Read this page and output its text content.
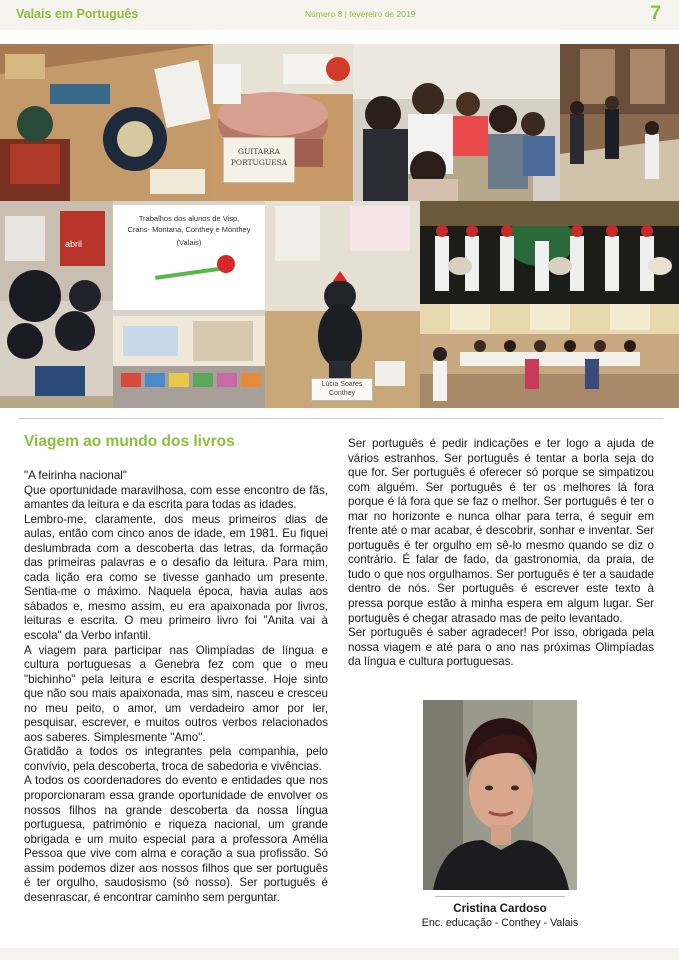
Valais em Português	Número 8 | fevereiro de 2019	7
GUITARRA PORTUGUESA
abril
Trabalhos dos alunos de Visp, Crans- Montana, Conthey e Monthey
(Valais)
Lúcia Soares Conthey
Viagem ao mundo dos livros

"A feirinha nacional"

Que oportunidade maravilhosa, com esse encontro de fãs, amantes da leitura e da escrita para todas as idades.

Lembro-me, claramente, dos meus primeiros dias de aulas, então com cinco anos de idade, em 1981. Eu fiquei deslumbrada com a descoberta das letras, da formação das primeiras palavras e o desafio da leitura. Para mim, cada lição era como se tivesse ganhado um presente. Sentia-me o máximo. Naquela época, havia aulas aos sábados e, mesmo assim, eu era apaixonada por livros, leituras e escrita. O meu primeiro livro foi "Anita vai à escola" da Verbo infantil.

A viagem para participar nas Olimpíadas de língua e cultura portuguesas a Genebra fez com que o meu "bichinho" pela leitura e escrita despertasse. Hoje sinto que não sou mais apaixonada, mas sim, nasceu e cresceu no meu peito, o amor, um verdadeiro amor por ler, pesquisar, escrever, e muitos outros verbos relacionados aos saberes. Simplesmente "Amo".

Gratidão a todos os integrantes pela companhia, pelo convívio, pela descoberta, troca de sabedoria e vivências.

A todos os coordenadores do evento e entidades que nos proporcionaram essa grande oportunidade de envolver os nossos filhos na grande descoberta da nossa língua portuguesa, património e riqueza nacional, um grande obrigada e um muito especial para a professora Amélia Pessoa que vive com alma e coração a sua profissão. Só assim podemos dizer aos nossos filhos que ser português é ter orgulho, saudosismo (só nosso). Ser português é desenrascar, é encontrar caminho sem perguntar.

Ser português é pedir indicações e ter logo a ajuda de vários estranhos. Ser português é tentar a borla seja do que for. Ser português é oferecer só porque se simpatizou com alguém. Ser português é ter os melhores lá fora porque é lá fora que se faz o melhor. Ser português é ter o mar no horizonte e nunca olhar para terra, é seguir em frente até o mar acabar, é descobrir, sonhar e inventar. Ser português é ter orgulho em sê-lo mesmo quando se diz o contrário. É falar de fado, da gastronomia, da praia, de tudo o que nos orgulhamos. Ser português é ter a saudade dentro de nós. Ser português é escrever este texto à pressa porque estão à minha espera em algum lugar. Ser português é chegar atrasado mas de peito levantado.

Ser português é saber agradecer! Por isso, obrigada pela nossa viagem e até para o ano nas próximas Olimpíadas da língua e cultura portuguesas.

Cristina Cardoso
Enc. educação - Conthey - Valais
